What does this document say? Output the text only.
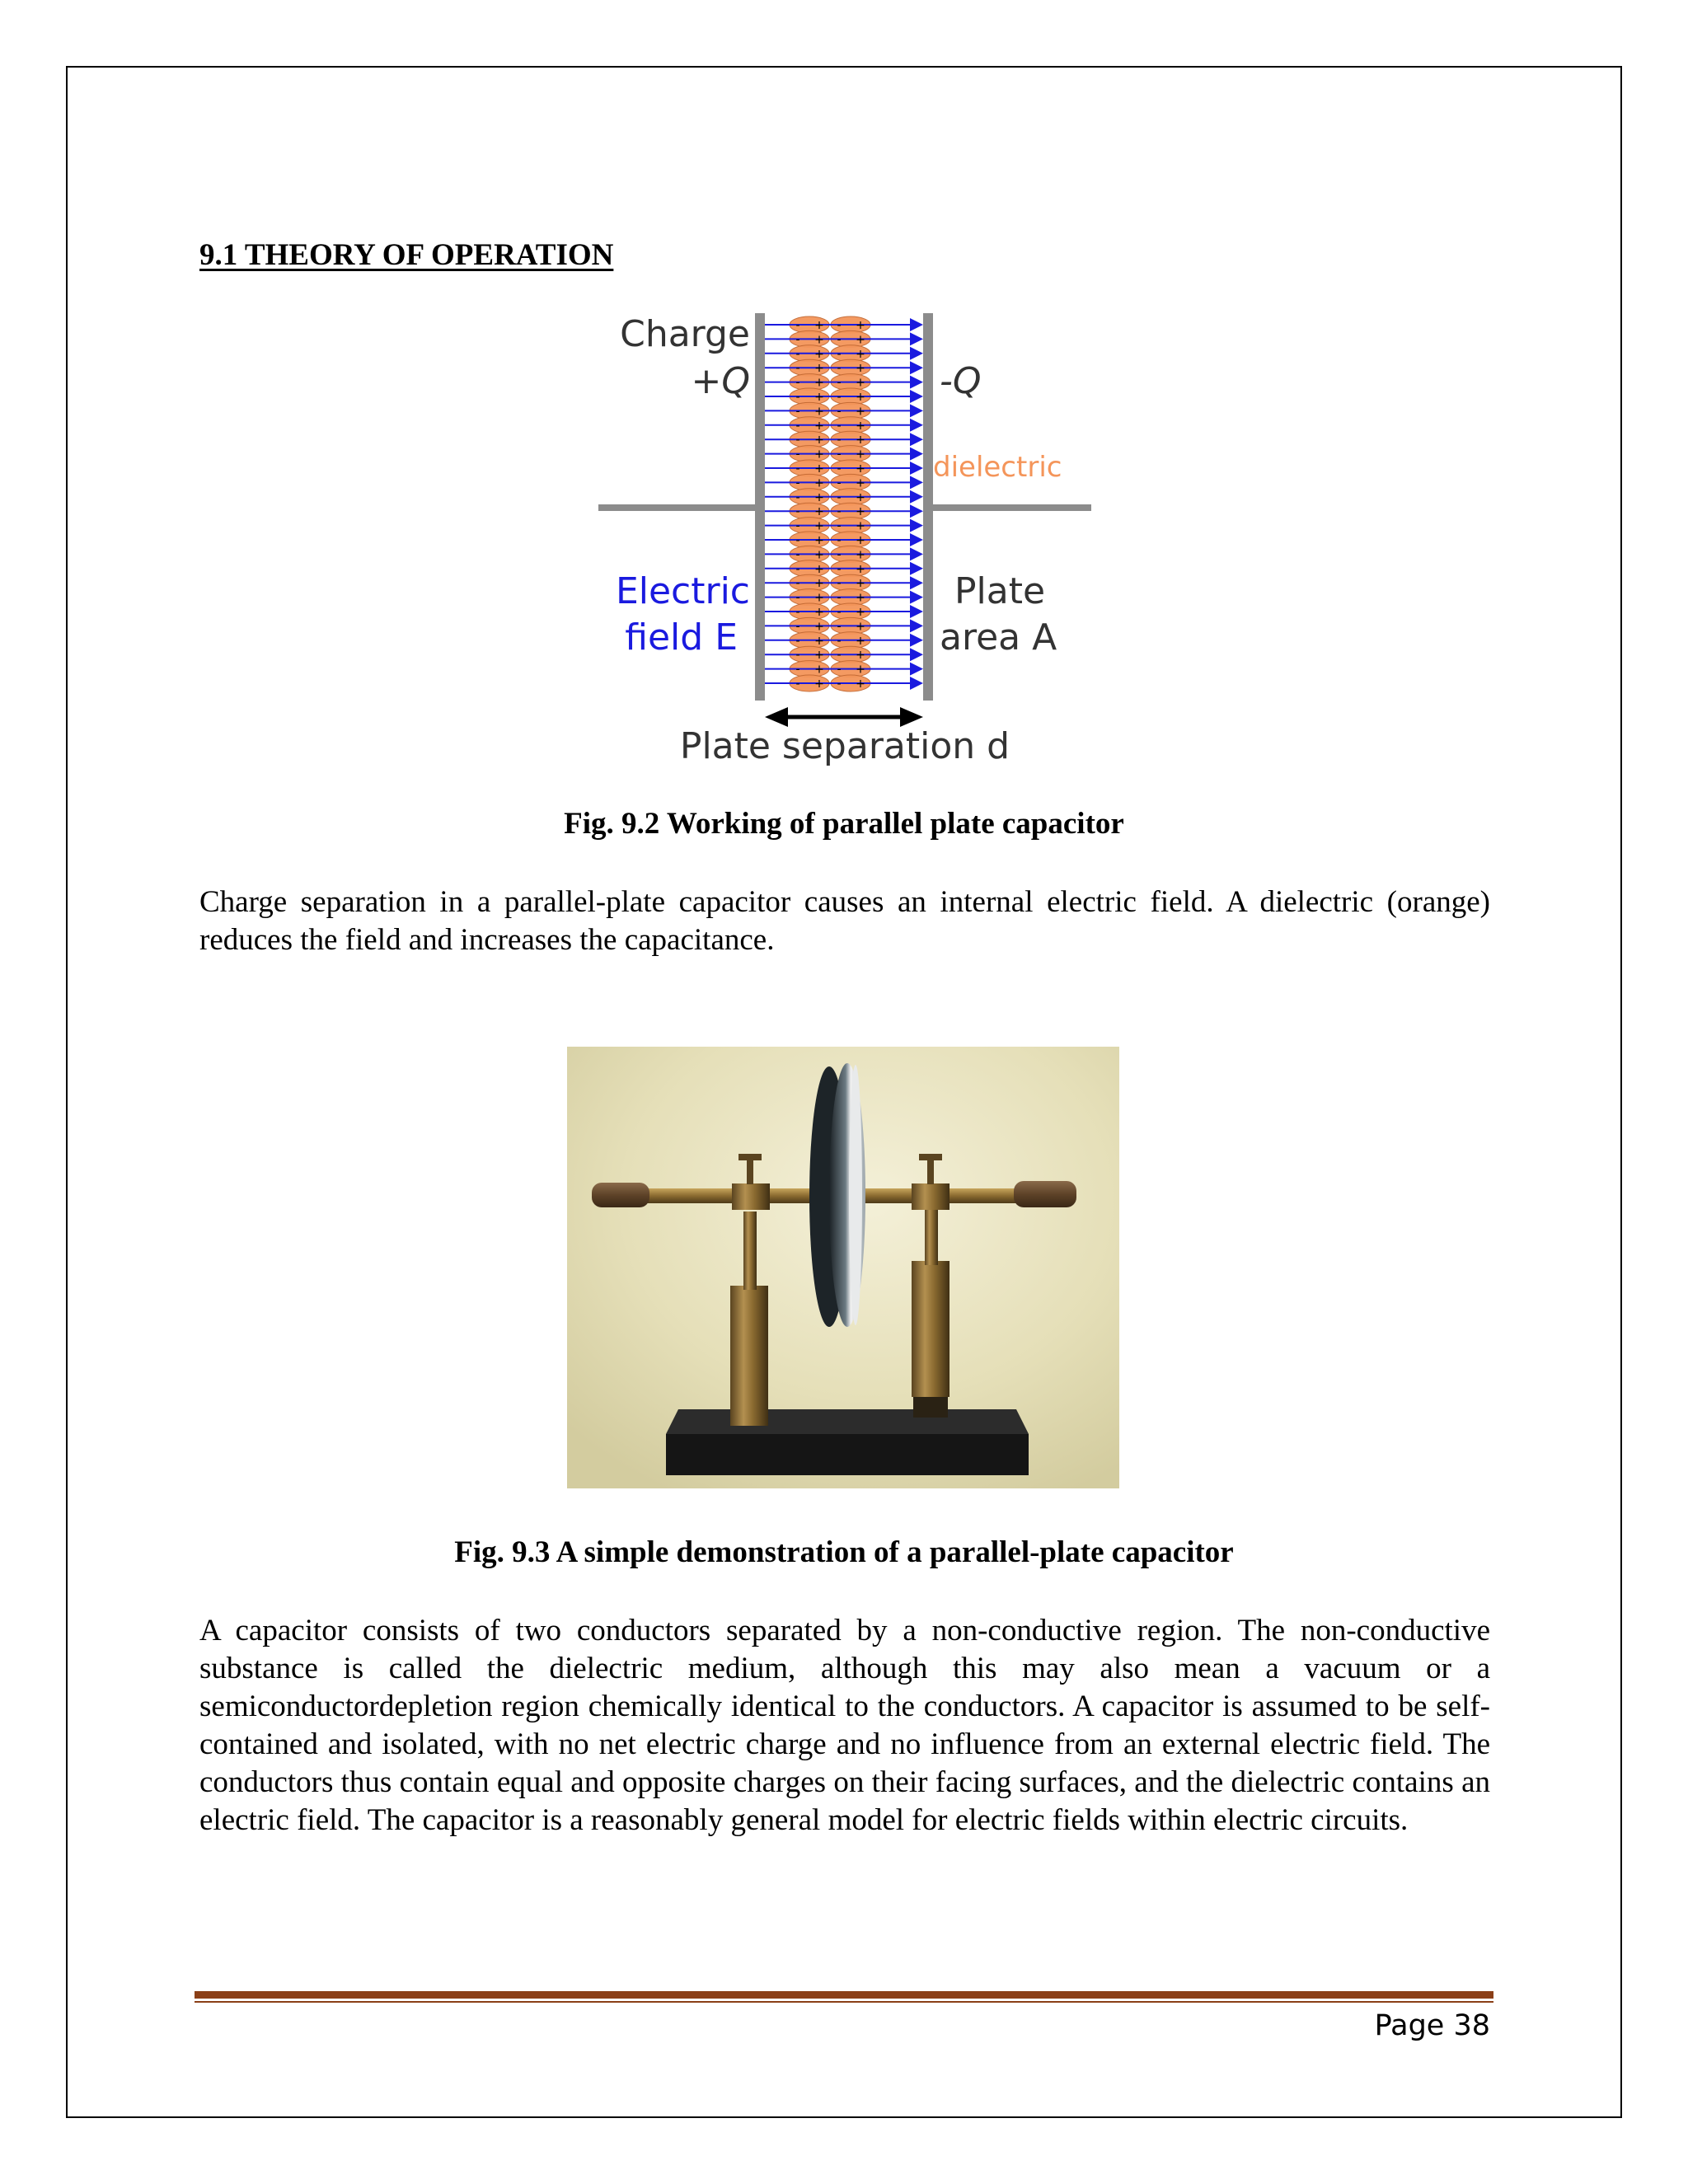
9.1 THEORY OF OPERATION
- + - +
- + - +
- + - +
- + - +
- + - +
- + - +
- + - +
- + - +
- + - +
- + - +
- + - +
- + - +
- + - +
- + - +
- + - +
- + - +
- + - +
- + - +
- + - +
- + - +
- + - +
- + - +
- + - +
- + - +
- + - +
- + - +
Charge
+Q	-Q
dielectric
Electric
field E
Plate
area A
Plate separation d

Fig. 9.2 Working of parallel plate capacitor

Charge separation in a parallel-plate capacitor causes an internal electric field. A dielectric (orange) reduces the field and increases the capacitance.

Fig. 9.3 A simple demonstration of a parallel-plate capacitor

A capacitor consists of two conductors separated by a non-conductive region. The non-conductive substance is called the dielectric medium, although this may also mean a vacuum or a semiconductordepletion region chemically identical to the conductors. A capacitor is assumed to be self-contained and isolated, with no net electric charge and no influence from an external electric field. The conductors thus contain equal and opposite charges on their facing surfaces, and the dielectric contains an electric field. The capacitor is a reasonably general model for electric fields within electric circuits.

Page 38
